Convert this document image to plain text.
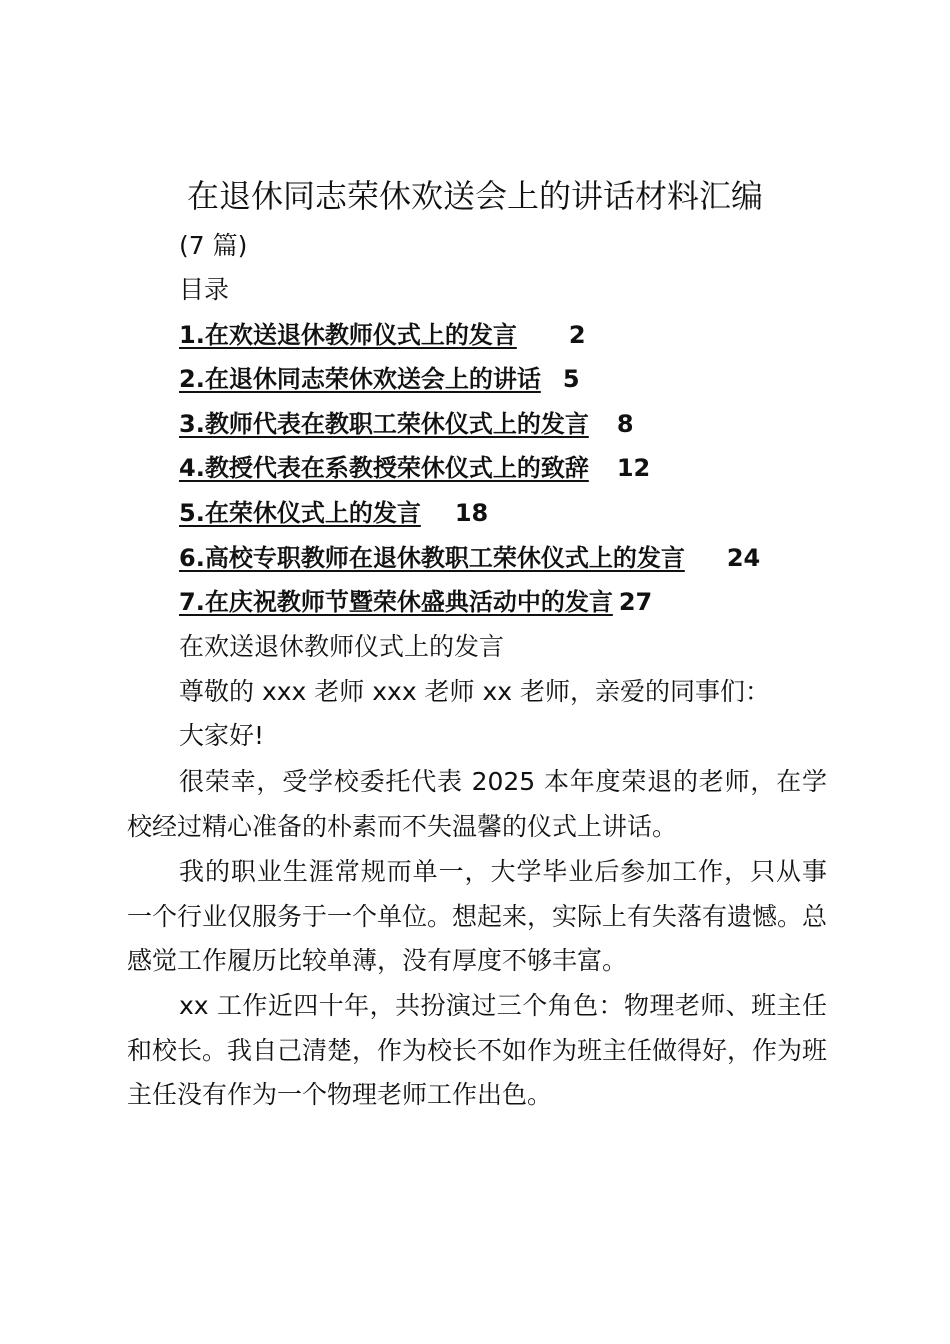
在退休同志荣休欢送会上的讲话材料汇编
(7 篇)
目录
1.在欢送退休教师仪式上的发言 2
2.在退休同志荣休欢送会上的讲话 5
3.教师代表在教职工荣休仪式上的发言 8
4.教授代表在系教授荣休仪式上的致辞 12
5.在荣休仪式上的发言 18
6.高校专职教师在退休教职工荣休仪式上的发言 24
7.在庆祝教师节暨荣休盛典活动中的发言 27
在欢送退休教师仪式上的发言
尊敬的 xxx 老师 xxx 老师 xx 老师，亲爱的同事们：
大家好!
很荣幸，受学校委托代表 2025 本年度荣退的老师，在学校经过精心准备的朴素而不失温馨的仪式上讲话。
我的职业生涯常规而单一，大学毕业后参加工作，只从事一个行业仅服务于一个单位。想起来，实际上有失落有遗憾。总感觉工作履历比较单薄，没有厚度不够丰富。
xx 工作近四十年，共扮演过三个角色：物理老师、班主任和校长。我自己清楚，作为校长不如作为班主任做得好，作为班主任没有作为一个物理老师工作出色。
